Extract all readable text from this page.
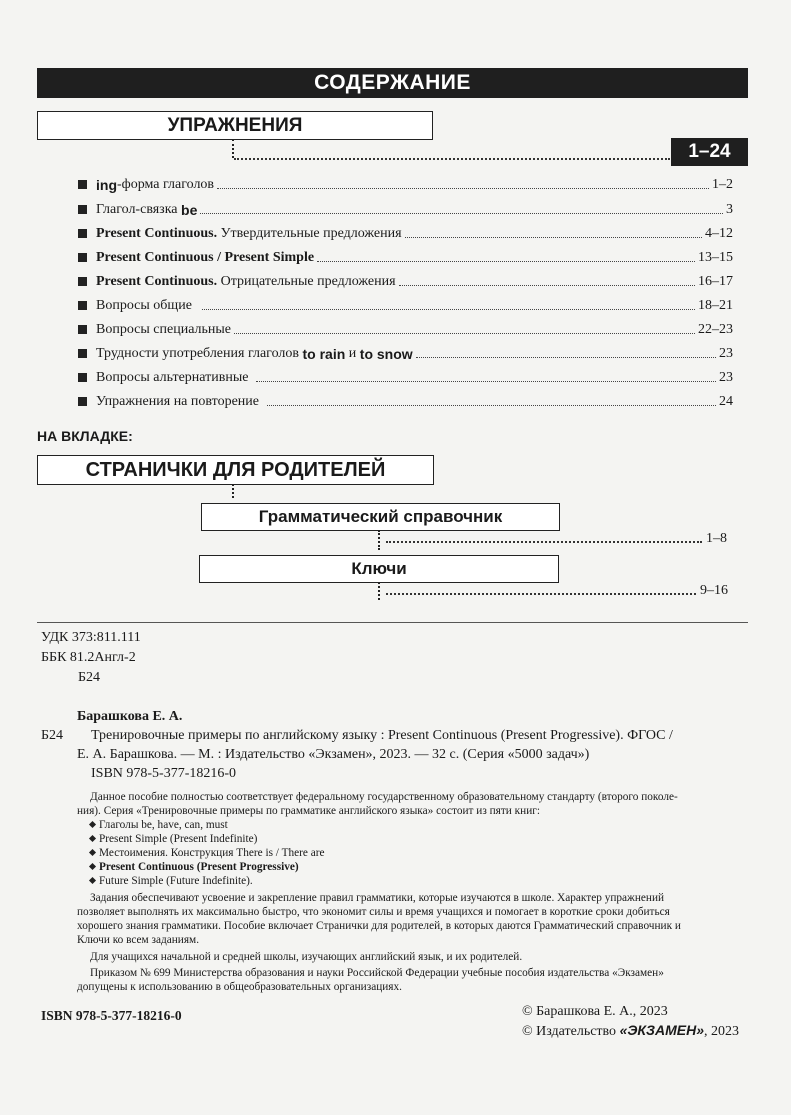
СОДЕРЖАНИЕ
УПРАЖНЕНИЯ
1–24
ing -форма глаголов	1–2
Глагол-связка be	3
Present Continuous. Утвердительные предложения	4–12
Present Continuous / Present Simple	13–15
Present Continuous. Отрицательные предложения	16–17
Вопросы общие	18–21
Вопросы специальные	22–23
Трудности употребления глаголов to rain и to snow	23
Вопросы альтернативные	23
Упражнения на повторение	24
НА ВКЛАДКЕ:
СТРАНИЧКИ ДЛЯ РОДИТЕЛЕЙ
Грамматический справочник
1–8
Ключи
9–16
УДК 373:811.111
ББК 81.2Англ-2
Б24
Барашкова Е. А.
Б24 Тренировочные примеры по английскому языку : Present Continuous (Present Progressive). ФГОС /
Е. А. Барашкова. — М. : Издательство «Экзамен», 2023. — 32 с. (Серия «5000 задач»)
ISBN 978-5-377-18216-0
Данное пособие полностью соответствует федеральному государственному образовательному стандарту (второго поколе-
ния). Серия «Тренировочные примеры по грамматике английского языка» состоит из пяти книг:
Глаголы be, have, can, must
Present Simple (Present Indefinite)
Местоимения. Конструкция There is / There are
Present Continuous (Present Progressive)
Future Simple (Future Indefinite).
Задания обеспечивают усвоение и закрепление правил грамматики, которые изучаются в школе. Характер упражнений
позволяет выполнять их максимально быстро, что экономит силы и время учащихся и помогает в короткие сроки добиться
хорошего знания грамматики. Пособие включает Странички для родителей, в которых даются Грамматический справочник и
Ключи ко всем заданиям.
Для учащихся начальной и средней школы, изучающих английский язык, и их родителей.
Приказом № 699 Министерства образования и науки Российской Федерации учебные пособия издательства «Экзамен»
допущены к использованию в общеобразовательных организациях.
ISBN 978-5-377-18216-0	© Барашкова Е. А., 2023
© Издательство «ЭКЗАМЕН», 2023
